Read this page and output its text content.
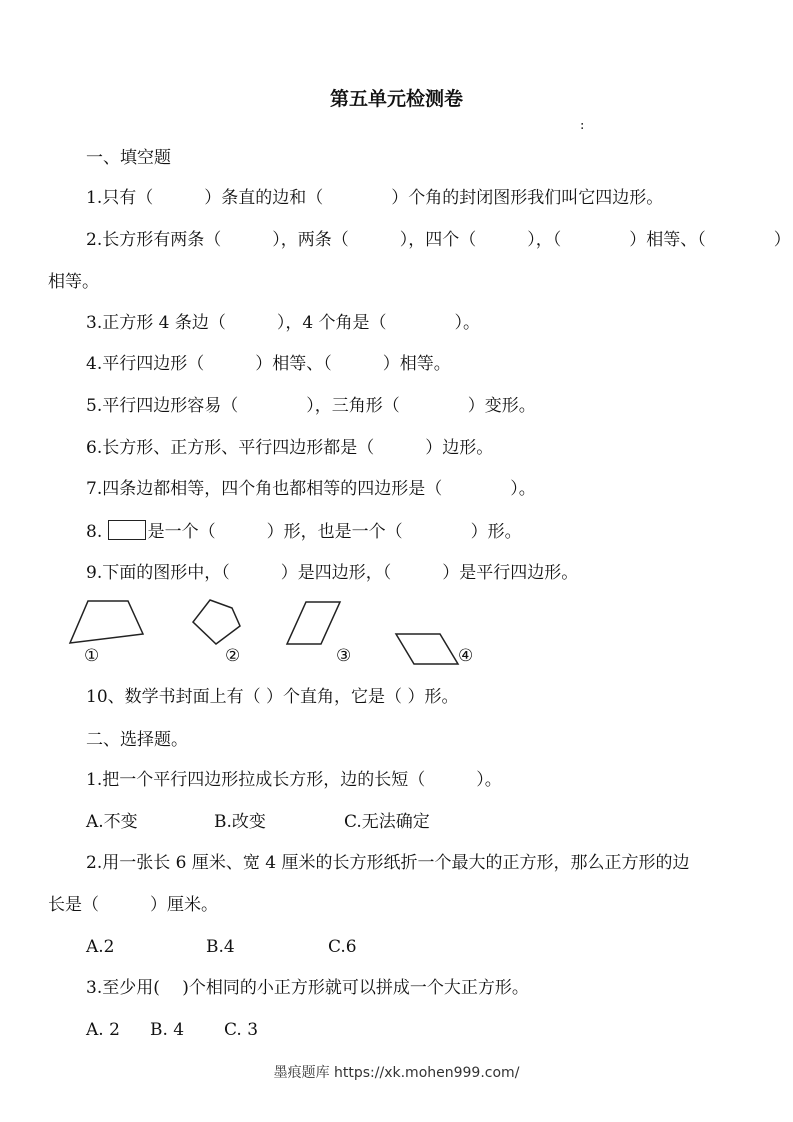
第五单元检测卷
:
一、填空题
1.只有（　　　）条直的边和（　　　　）个角的封闭图形我们叫它四边形。
2.长方形有两条（　　　），两条（　　　），四个（　　　），（　　　　）相等、（　　　　）
相等。
3.正方形 4 条边（　　　），4 个角是（　　　　）。
4.平行四边形（　　　）相等、（　　　）相等。
5.平行四边形容易（　　　　），三角形（　　　　）变形。
6.长方形、正方形、平行四边形都是（　　　）边形。
7.四条边都相等，四个角也都相等的四边形是（　　　　）。
8.	是一个（　　　）形，也是一个（　　　　）形。
9.下面的图形中，（　　　）是四边形，（　　　）是平行四边形。
①	②	③	④
10、数学书封面上有（ ）个直角，它是（ ）形。
二、选择题。
1.把一个平行四边形拉成长方形，边的长短（　　　）。
A.不变	B.改变	C.无法确定
2.用一张长 6 厘米、宽 4 厘米的长方形纸折一个最大的正方形，那么正方形的边
长是（　　　）厘米。
A.2	B.4	C.6
3.至少用(　 )个相同的小正方形就可以拼成一个大正方形。
A. 2 B. 4 C. 3
墨痕题库 https://xk.mohen999.com/
